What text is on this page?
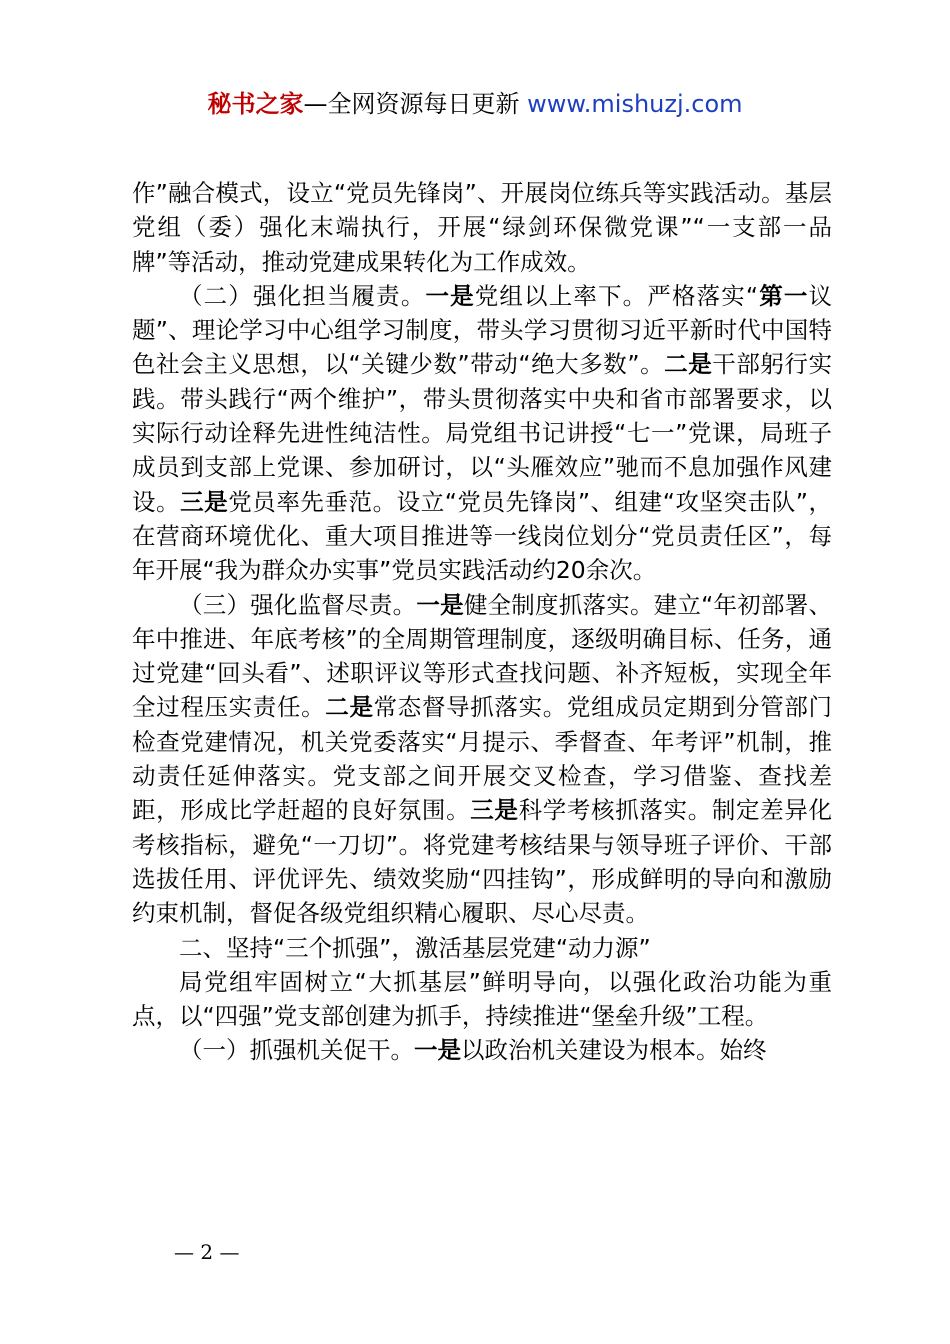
秘书之家—全网资源每日更新 www.mishuzj.com

作”融合模式，设立“党员先锋岗”、开展岗位练兵等实践活动。基层党组（委）强化末端执行，开展“绿剑环保微党课”“一支部一品牌”等活动，推动党建成果转化为工作成效。

（二）强化担当履责。一是党组以上率下。严格落实“第一议题”、理论学习中心组学习制度，带头学习贯彻习近平新时代中国特色社会主义思想，以“关键少数”带动“绝大多数”。二是干部躬行实践。带头践行“两个维护”，带头贯彻落实中央和省市部署要求，以实际行动诠释先进性纯洁性。局党组书记讲授“七一”党课，局班子成员到支部上党课、参加研讨，以“头雁效应”驰而不息加强作风建设。三是党员率先垂范。设立“党员先锋岗”、组建“攻坚突击队”，在营商环境优化、重大项目推进等一线岗位划分“党员责任区”，每年开展“我为群众办实事”党员实践活动约20余次。

（三）强化监督尽责。一是健全制度抓落实。建立“年初部署、年中推进、年底考核”的全周期管理制度，逐级明确目标、任务，通过党建“回头看”、述职评议等形式查找问题、补齐短板，实现全年全过程压实责任。二是常态督导抓落实。党组成员定期到分管部门检查党建情况，机关党委落实“月提示、季督查、年考评”机制，推动责任延伸落实。党支部之间开展交叉检查，学习借鉴、查找差距，形成比学赶超的良好氛围。三是科学考核抓落实。制定差异化考核指标，避免“一刀切”。将党建考核结果与领导班子评价、干部选拔任用、评优评先、绩效奖励“四挂钩”，形成鲜明的导向和激励约束机制，督促各级党组织精心履职、尽心尽责。

二、坚持“三个抓强”，激活基层党建“动力源”

局党组牢固树立“大抓基层”鲜明导向，以强化政治功能为重点，以“四强”党支部创建为抓手，持续推进“堡垒升级”工程。

（一）抓强机关促干。一是以政治机关建设为根本。始终

— 2 —
